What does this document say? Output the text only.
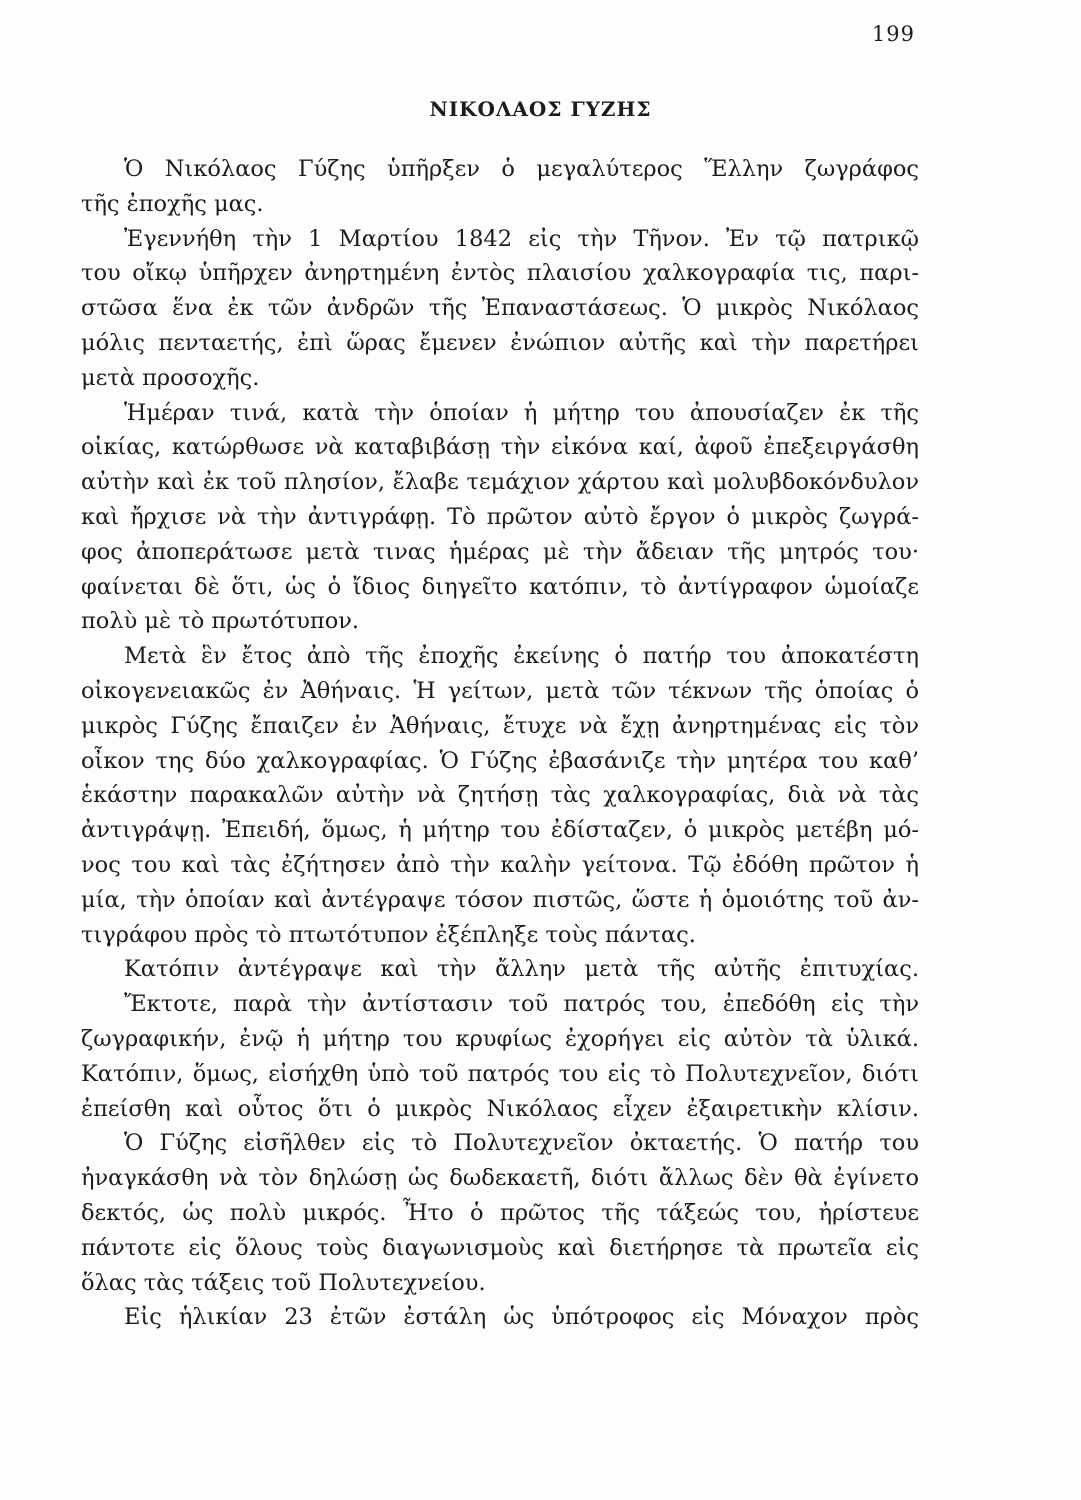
199
ΝΙΚΟΛΑΟΣ ΓΥΖΗΣ
Ὁ Νικόλαος Γύζης ὑπῆρξεν ὁ μεγαλύτερος Ἕλλην ζωγράφος
τῆς ἐποχῆς μας.
Ἐγεννήθη τὴν 1 Μαρτίου 1842 εἰς τὴν Τῆνον. Ἐν τῷ πατρικῷ
του οἴκῳ ὑπῆρχεν ἀνηρτημένη ἐντὸς πλαισίου χαλκογραφία τις, παρι-
στῶσα ἕνα ἐκ τῶν ἀνδρῶν τῆς Ἐπαναστάσεως. Ὁ μικρὸς Νικόλαος
μόλις πενταετής, ἐπὶ ὥρας ἔμενεν ἐνώπιον αὐτῆς καὶ τὴν παρετήρει
μετὰ προσοχῆς.
Ἡμέραν τινά, κατὰ τὴν ὁποίαν ἡ μήτηρ του ἀπουσίαζεν ἐκ τῆς
οἰκίας, κατώρθωσε νὰ καταβιβάσῃ τὴν εἰκόνα καί, ἀφοῦ ἐπεξειργάσθη
αὐτὴν καὶ ἐκ τοῦ πλησίον, ἔλαβε τεμάχιον χάρτου καὶ μολυβδοκόνδυλον
καὶ ἤρχισε νὰ τὴν ἀντιγράφῃ. Τὸ πρῶτον αὐτὸ ἔργον ὁ μικρὸς ζωγρά-
φος ἀποπεράτωσε μετὰ τινας ἡμέρας μὲ τὴν ἄδειαν τῆς μητρός του·
φαίνεται δὲ ὅτι, ὡς ὁ ἴδιος διηγεῖτο κατόπιν, τὸ ἀντίγραφον ὡμοίαζε
πολὺ μὲ τὸ πρωτότυπον.
Μετὰ ἓν ἔτος ἀπὸ τῆς ἐποχῆς ἐκείνης ὁ πατήρ του ἀποκατέστη
οἰκογενειακῶς ἐν Ἀθήναις. Ἡ γείτων, μετὰ τῶν τέκνων τῆς ὁποίας ὁ
μικρὸς Γύζης ἔπαιζεν ἐν Ἀθήναις, ἔτυχε νὰ ἔχῃ ἀνηρτημένας εἰς τὸν
οἶκον της δύο χαλκογραφίας. Ὁ Γύζης ἐβασάνιζε τὴν μητέρα του καθ’
ἑκάστην παρακαλῶν αὐτὴν νὰ ζητήσῃ τὰς χαλκογραφίας, διὰ νὰ τὰς
ἀντιγράψῃ. Ἐπειδή, ὅμως, ἡ μήτηρ του ἐδίσταζεν, ὁ μικρὸς μετέβη μό-
νος του καὶ τὰς ἐζήτησεν ἀπὸ τὴν καλὴν γείτονα. Τῷ ἐδόθη πρῶτον ἡ
μία, τὴν ὁποίαν καὶ ἀντέγραψε τόσον πιστῶς, ὥστε ἡ ὁμοιότης τοῦ ἀν-
τιγράφου πρὸς τὸ πτωτότυπον ἐξέπληξε τοὺς πάντας.
Κατόπιν ἀντέγραψε καὶ τὴν ἄλλην μετὰ τῆς αὐτῆς ἐπιτυχίας.
Ἔκτοτε, παρὰ τὴν ἀντίστασιν τοῦ πατρός του, ἐπεδόθη εἰς τὴν
ζωγραφικήν, ἐνῷ ἡ μήτηρ του κρυφίως ἐχορήγει εἰς αὐτὸν τὰ ὑλικά.
Κατόπιν, ὅμως, εἰσήχθη ὑπὸ τοῦ πατρός του εἰς τὸ Πολυτεχνεῖον, διότι
ἐπείσθη καὶ οὗτος ὅτι ὁ μικρὸς Νικόλαος εἶχεν ἐξαιρετικὴν κλίσιν.
Ὁ Γύζης εἰσῆλθεν εἰς τὸ Πολυτεχνεῖον ὀκταετής. Ὁ πατήρ του
ἠναγκάσθη νὰ τὸν δηλώσῃ ὡς δωδεκαετῆ, διότι ἄλλως δὲν θὰ ἐγίνετο
δεκτός, ὡς πολὺ μικρός. Ἦτο ὁ πρῶτος τῆς τάξεώς του, ἠρίστευε
πάντοτε εἰς ὅλους τοὺς διαγωνισμοὺς καὶ διετήρησε τὰ πρωτεῖα εἰς
ὅλας τὰς τάξεις τοῦ Πολυτεχνείου.
Εἰς ἡλικίαν 23 ἐτῶν ἐστάλη ὡς ὑπότροφος εἰς Μόναχον πρὸς
